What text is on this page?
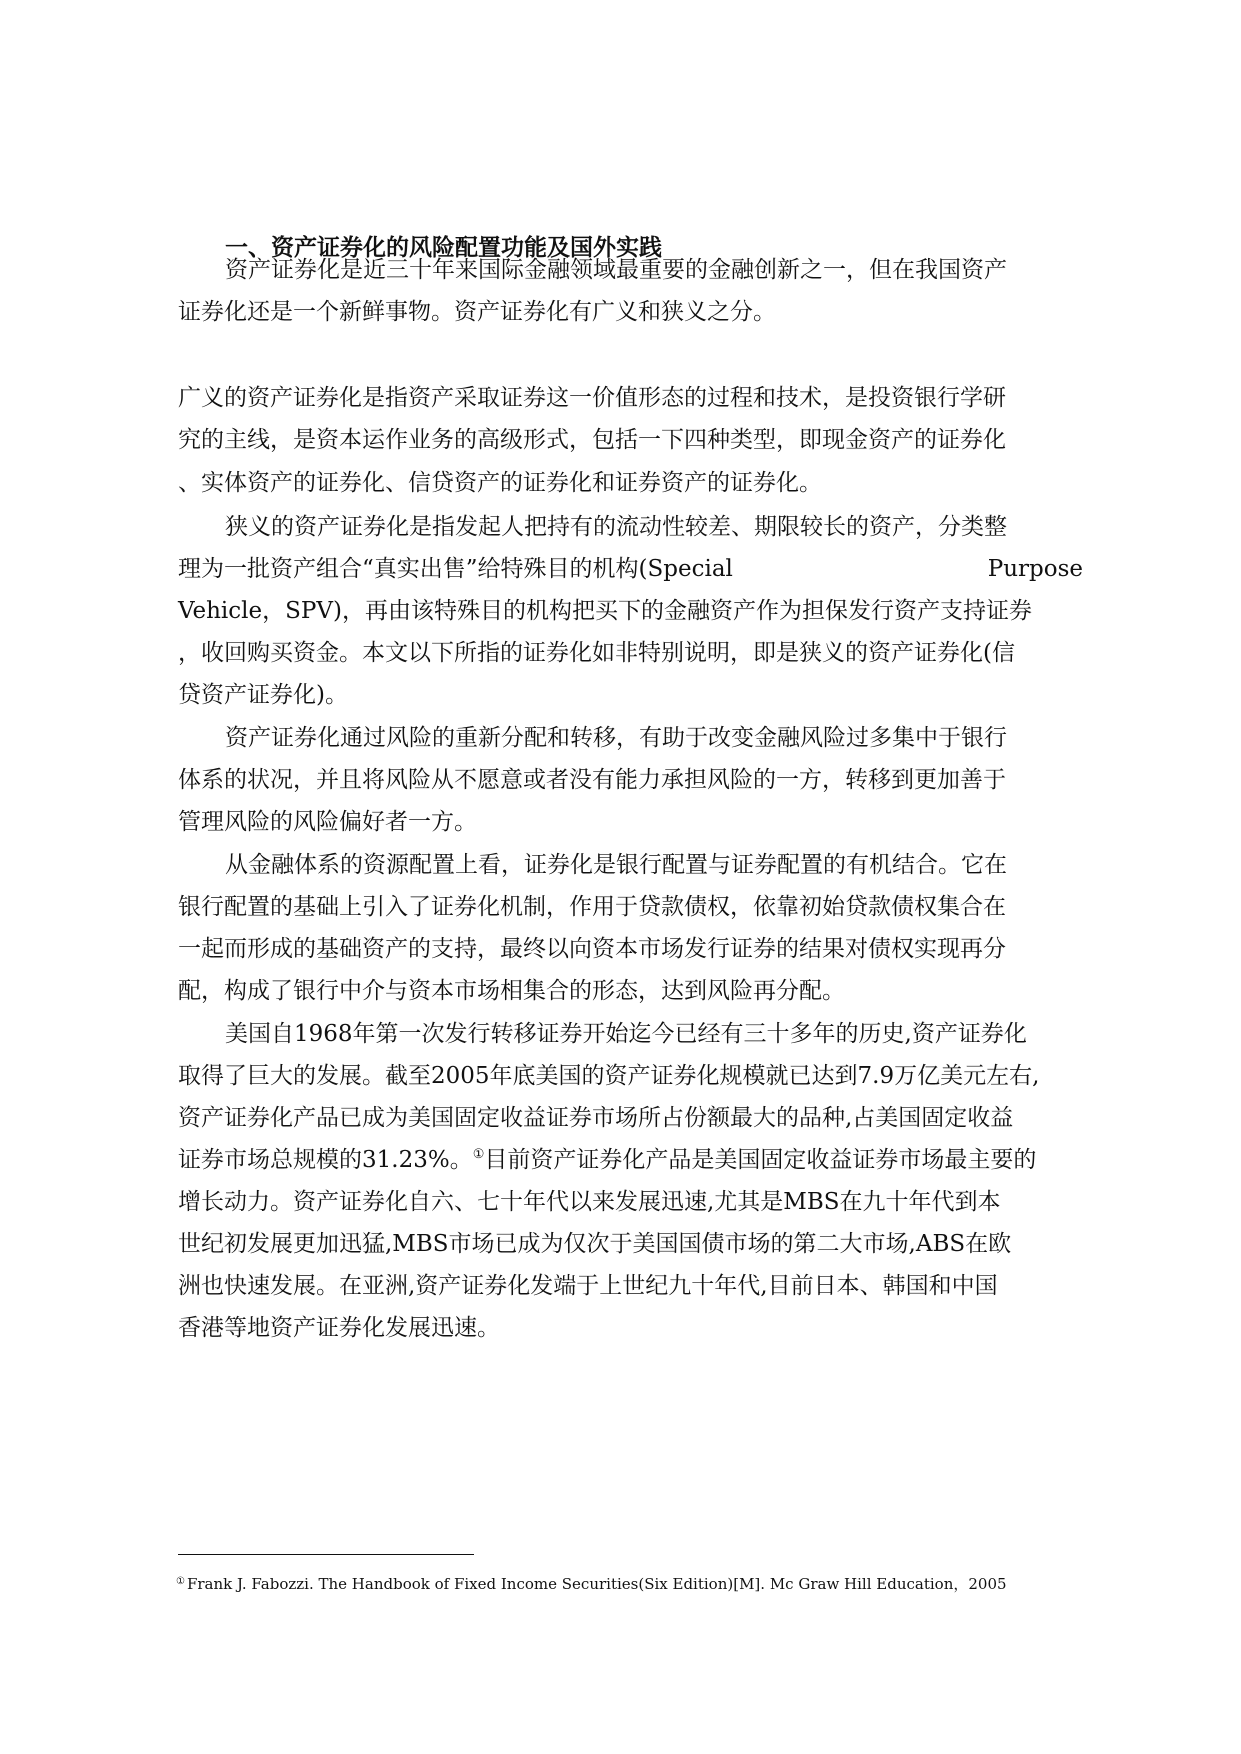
一、资产证券化的风险配置功能及国外实践
资产证券化是近三十年来国际金融领域最重要的金融创新之一，但在我国资产
证券化还是一个新鲜事物。资产证券化有广义和狭义之分。
广义的资产证券化是指资产采取证券这一价值形态的过程和技术，是投资银行学研
究的主线，是资本运作业务的高级形式，包括一下四种类型，即现金资产的证券化
、实体资产的证券化、信贷资产的证券化和证券资产的证券化。
狭义的资产证券化是指发起人把持有的流动性较差、期限较长的资产，分类整
理为一批资产组合“真实出售”给特殊目的机构(Special	Purpose
Vehicle，SPV)，再由该特殊目的机构把买下的金融资产作为担保发行资产支持证券
，收回购买资金。本文以下所指的证券化如非特别说明，即是狭义的资产证券化(信
贷资产证券化)。
资产证券化通过风险的重新分配和转移，有助于改变金融风险过多集中于银行
体系的状况，并且将风险从不愿意或者没有能力承担风险的一方，转移到更加善于
管理风险的风险偏好者一方。
从金融体系的资源配置上看，证券化是银行配置与证券配置的有机结合。它在
银行配置的基础上引入了证券化机制，作用于贷款债权，依靠初始贷款债权集合在
一起而形成的基础资产的支持，最终以向资本市场发行证券的结果对债权实现再分
配，构成了银行中介与资本市场相集合的形态，达到风险再分配。
美国自1968年第一次发行转移证券开始迄今已经有三十多年的历史,资产证券化
取得了巨大的发展。截至2005年底美国的资产证券化规模就已达到7.9万亿美元左右,
资产证券化产品已成为美国固定收益证券市场所占份额最大的品种,占美国固定收益
证券市场总规模的31.23%。①目前资产证券化产品是美国固定收益证券市场最主要的
增长动力。资产证券化自六、七十年代以来发展迅速,尤其是MBS在九十年代到本
世纪初发展更加迅猛,MBS市场已成为仅次于美国国债市场的第二大市场,ABS在欧
洲也快速发展。在亚洲,资产证券化发端于上世纪九十年代,目前日本、韩国和中国
香港等地资产证券化发展迅速。
① Frank J. Fabozzi. The Handbook of Fixed Income Securities(Six Edition)[M]. Mc Graw Hill Education，2005
